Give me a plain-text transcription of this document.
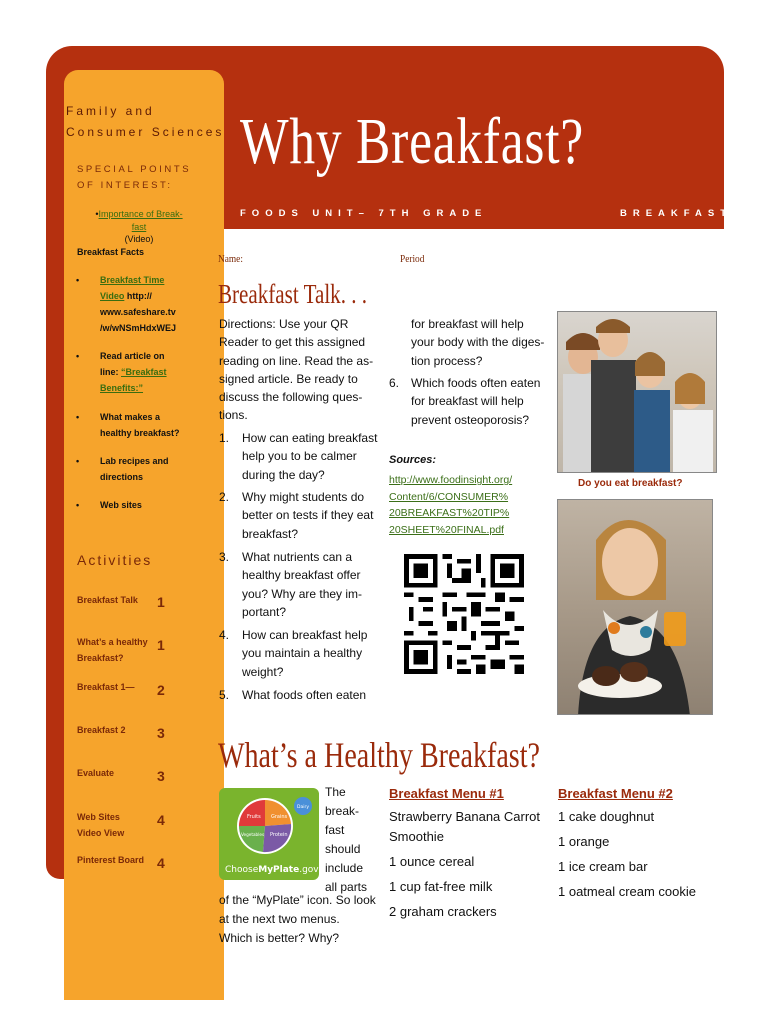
Family and
Consumer Sciences
SPECIAL POINTS
OF INTEREST:
•Importance of Break-
fast
(Video)
Breakfast Facts
• Breakfast Time
Video http://
www.safeshare.tv
/w/wNSmHdxWEJ
• Read article on
line: “Breakfast
Benefits:”
• What makes a
healthy breakfast?
• Lab recipes and
directions
• Web sites
Activities
Breakfast Talk	1
What’s a healthy
Breakfast?
1
Breakfast 1—	2
Breakfast 2	3
Evaluate	3
Web Sites
Video View
4
Pinterest Board 4
Why Breakfast?
FOODS UNIT– 7TH GRADE	BREAKFAST
Name:	Period
Breakfast Talk. . .
Directions: Use your QR
Reader to get this assigned
reading on line. Read the as-
signed article. Be ready to
discuss the following ques-
tions.
1. How can eating breakfast
help you to be calmer
during the day?
2. Why might students do
better on tests if they eat
breakfast?
3. What nutrients can a
healthy breakfast offer
you? Why are they im-
portant?
4. How can breakfast help
you maintain a healthy
weight?
5. What foods often eaten
for breakfast will help
your body with the diges-
tion process?
6. Which foods often eaten
for breakfast will help
prevent osteoporosis?
Sources:
http://www.foodinsight.org/
Content/6/CONSUMER%
20BREAKFAST%20TIP%
20SHEET%20FINAL.pdf
Do you eat breakfast?
What’s a Healthy Breakfast?
Fruits Grains
Vegetables Protein
Dairy
ChooseMyPlate.gov
The
break-
fast
should
include
all parts
of the “MyPlate” icon. So look
at the next two menus.
Which is better? Why?
Breakfast Menu #1
Strawberry Banana Carrot
Smoothie
1 ounce cereal
1 cup fat-free milk
2 graham crackers
Breakfast Menu #2
1 cake doughnut
1 orange
1 ice cream bar
1 oatmeal cream cookie
